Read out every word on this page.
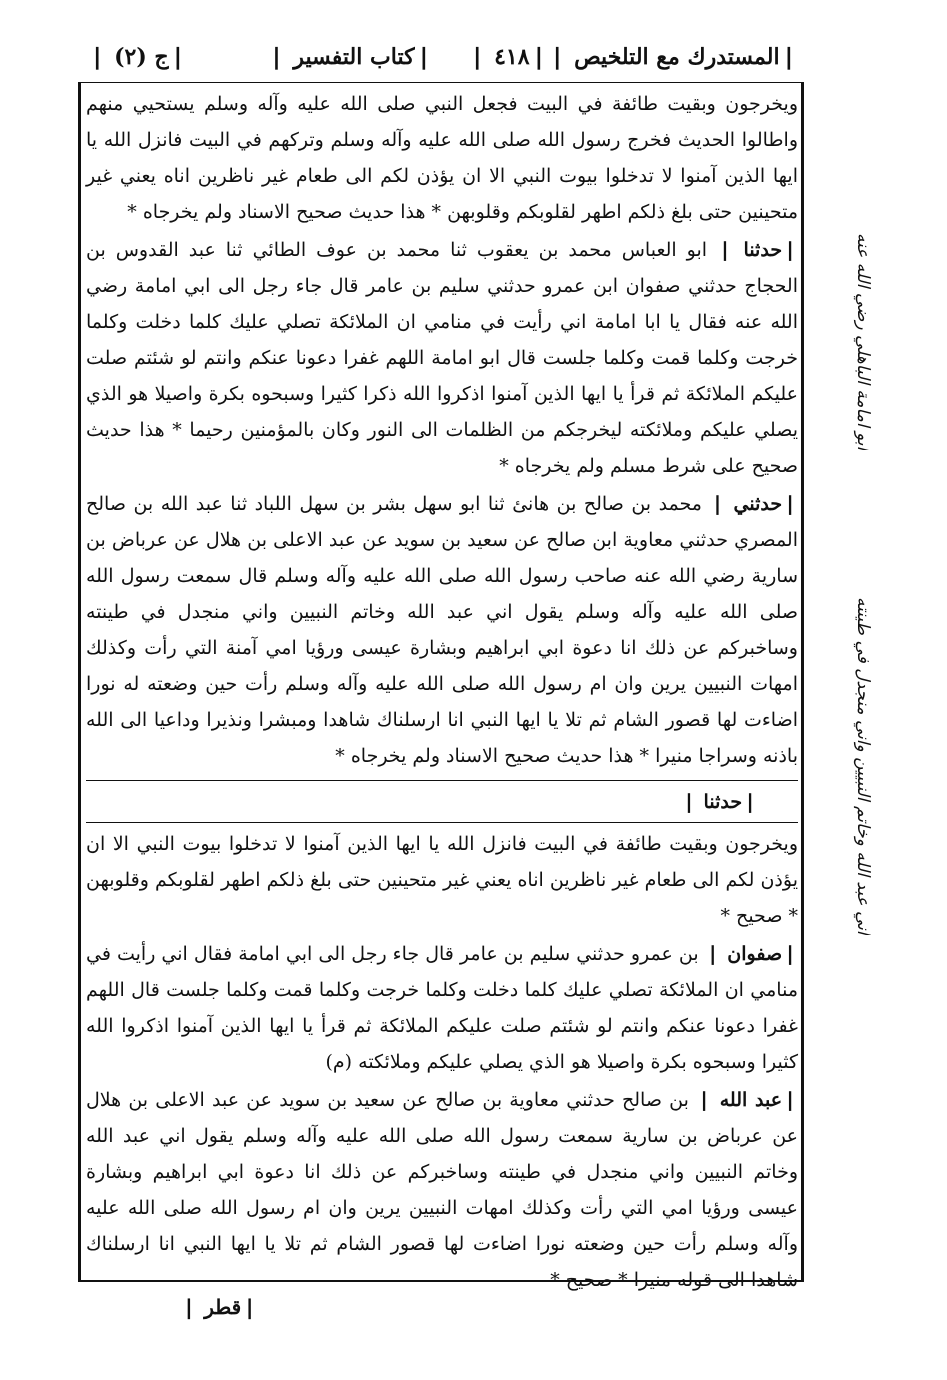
❘ المستدرك مع التلخيص ❘
❘ ٤١٨ ❘
❘ كتاب التفسير ❘
❘ ج (٢) ❘

ويخرجون وبقيت طائفة في البيت فجعل النبي صلى الله عليه وآله وسلم يستحيي منهم واطالوا الحديث فخرج رسول الله صلى الله عليه وآله وسلم وتركهم في البيت فانزل الله يا ايها الذين آمنوا لا تدخلوا بيوت النبي الا ان يؤذن لكم الى طعام غير ناظرين اناه يعني غير متحينين حتى بلغ ذلكم اطهر لقلوبكم وقلوبهن * هذا حديث صحيح الاسناد ولم يخرجاه *

❘ حدثنا ❘ ابو العباس محمد بن يعقوب ثنا محمد بن عوف الطائي ثنا عبد القدوس بن الحجاج حدثني صفوان ابن عمرو حدثني سليم بن عامر قال جاء رجل الى ابي امامة رضي الله عنه فقال يا ابا امامة اني رأيت في منامي ان الملائكة تصلي عليك كلما دخلت وكلما خرجت وكلما قمت وكلما جلست قال ابو امامة اللهم غفرا دعونا عنكم وانتم لو شئتم صلت عليكم الملائكة ثم قرأ يا ايها الذين آمنوا اذكروا الله ذكرا كثيرا وسبحوه بكرة واصيلا هو الذي يصلي عليكم وملائكته ليخرجكم من الظلمات الى النور وكان بالمؤمنين رحيما * هذا حديث صحيح على شرط مسلم ولم يخرجاه *

❘ حدثني ❘ محمد بن صالح بن هانئ ثنا ابو سهل بشر بن سهل اللباد ثنا عبد الله بن صالح المصري حدثني معاوية ابن صالح عن سعيد بن سويد عن عبد الاعلى بن هلال عن عرباض بن سارية رضي الله عنه صاحب رسول الله صلى الله عليه وآله وسلم قال سمعت رسول الله صلى الله عليه وآله وسلم يقول اني عبد الله وخاتم النبيين واني منجدل في طينته وساخبركم عن ذلك انا دعوة ابي ابراهيم وبشارة عيسى ورؤيا امي آمنة التي رأت وكذلك امهات النبيين يرين وان ام رسول الله صلى الله عليه وآله وسلم رأت حين وضعته له نورا اضاءت لها قصور الشام ثم تلا يا ايها النبي انا ارسلناك شاهدا ومبشرا ونذيرا وداعيا الى الله باذنه وسراجا منيرا * هذا حديث صحيح الاسناد ولم يخرجاه *

❘ حدثنا ❘

ويخرجون وبقيت طائفة في البيت فانزل الله يا ايها الذين آمنوا لا تدخلوا بيوت النبي الا ان يؤذن لكم الى طعام غير ناظرين اناه يعني غير متحينين حتى بلغ ذلكم اطهر لقلوبكم وقلوبهن * صحيح *

❘ صفوان ❘ بن عمرو حدثني سليم بن عامر قال جاء رجل الى ابي امامة فقال اني رأيت في منامي ان الملائكة تصلي عليك كلما دخلت وكلما خرجت وكلما قمت وكلما جلست قال اللهم غفرا دعونا عنكم وانتم لو شئتم صلت عليكم الملائكة ثم قرأ يا ايها الذين آمنوا اذكروا الله كثيرا وسبحوه بكرة واصيلا هو الذي يصلي عليكم وملائكته (م)

❘ عبد الله ❘ بن صالح حدثني معاوية بن صالح عن سعيد بن سويد عن عبد الاعلى بن هلال عن عرباض بن سارية سمعت رسول الله صلى الله عليه وآله وسلم يقول اني عبد الله وخاتم النبيين واني منجدل في طينته وساخبركم عن ذلك انا دعوة ابي ابراهيم وبشارة عيسى ورؤيا امي التي رأت وكذلك امهات النبيين يرين وان ام رسول الله صلى الله عليه وآله وسلم رأت حين وضعته نورا اضاءت لها قصور الشام ثم تلا يا ايها النبي انا ارسلناك شاهدا الى قوله منيرا * صحيح *

ابو امامة الباهلي رضي الله عنه
اني عبد الله وخاتم النبيين واني منجدل في طينته
❘ قطر ❘
